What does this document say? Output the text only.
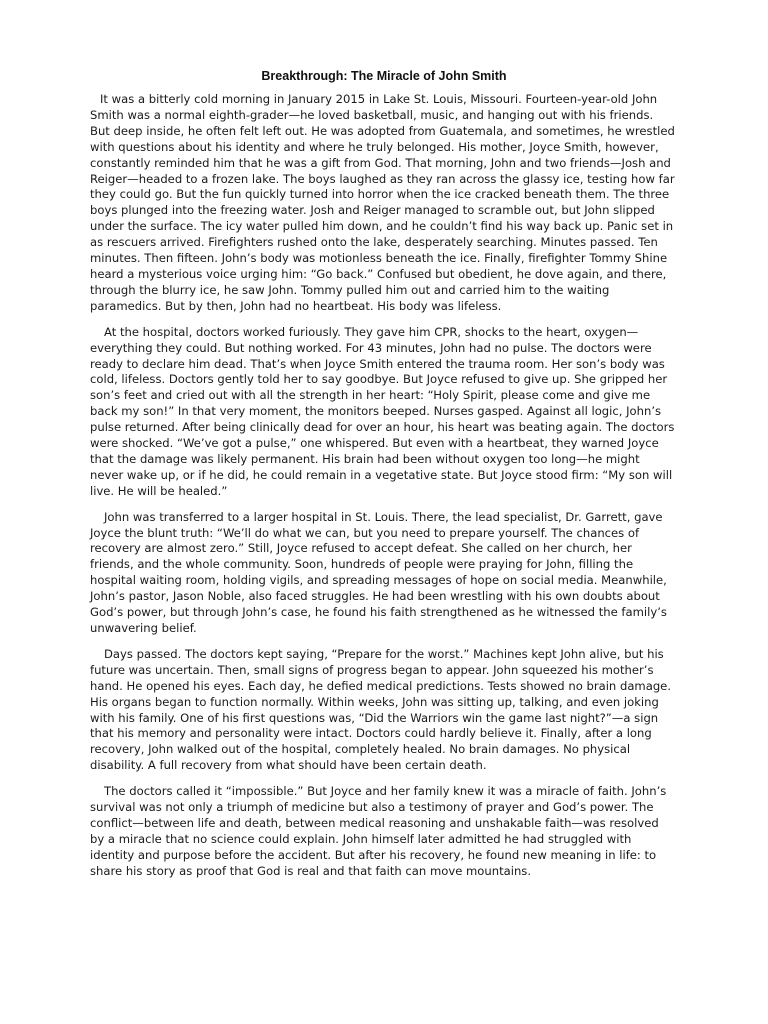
Breakthrough: The Miracle of John Smith

It was a bitterly cold morning in January 2015 in Lake St. Louis, Missouri. Fourteen-year-old John Smith was a normal eighth-grader—he loved basketball, music, and hanging out with his friends. But deep inside, he often felt left out. He was adopted from Guatemala, and sometimes, he wrestled with questions about his identity and where he truly belonged. His mother, Joyce Smith, however, constantly reminded him that he was a gift from God. That morning, John and two friends—Josh and Reiger—headed to a frozen lake. The boys laughed as they ran across the glassy ice, testing how far they could go. But the fun quickly turned into horror when the ice cracked beneath them. The three boys plunged into the freezing water. Josh and Reiger managed to scramble out, but John slipped under the surface. The icy water pulled him down, and he couldn’t find his way back up. Panic set in as rescuers arrived. Firefighters rushed onto the lake, desperately searching. Minutes passed. Ten minutes. Then fifteen. John’s body was motionless beneath the ice. Finally, firefighter Tommy Shine heard a mysterious voice urging him: “Go back.” Confused but obedient, he dove again, and there, through the blurry ice, he saw John. Tommy pulled him out and carried him to the waiting paramedics. But by then, John had no heartbeat. His body was lifeless.

At the hospital, doctors worked furiously. They gave him CPR, shocks to the heart, oxygen—everything they could. But nothing worked. For 43 minutes, John had no pulse. The doctors were ready to declare him dead. That’s when Joyce Smith entered the trauma room. Her son’s body was cold, lifeless. Doctors gently told her to say goodbye. But Joyce refused to give up. She gripped her son’s feet and cried out with all the strength in her heart: “Holy Spirit, please come and give me back my son!” In that very moment, the monitors beeped. Nurses gasped. Against all logic, John’s pulse returned. After being clinically dead for over an hour, his heart was beating again. The doctors were shocked. “We’ve got a pulse,” one whispered. But even with a heartbeat, they warned Joyce that the damage was likely permanent. His brain had been without oxygen too long—he might never wake up, or if he did, he could remain in a vegetative state. But Joyce stood firm: “My son will live. He will be healed.”

John was transferred to a larger hospital in St. Louis. There, the lead specialist, Dr. Garrett, gave Joyce the blunt truth: “We’ll do what we can, but you need to prepare yourself. The chances of recovery are almost zero.” Still, Joyce refused to accept defeat. She called on her church, her friends, and the whole community. Soon, hundreds of people were praying for John, filling the hospital waiting room, holding vigils, and spreading messages of hope on social media. Meanwhile, John’s pastor, Jason Noble, also faced struggles. He had been wrestling with his own doubts about God’s power, but through John’s case, he found his faith strengthened as he witnessed the family’s unwavering belief.

Days passed. The doctors kept saying, “Prepare for the worst.” Machines kept John alive, but his future was uncertain. Then, small signs of progress began to appear. John squeezed his mother’s hand. He opened his eyes. Each day, he defied medical predictions. Tests showed no brain damage. His organs began to function normally. Within weeks, John was sitting up, talking, and even joking with his family. One of his first questions was, “Did the Warriors win the game last night?”—a sign that his memory and personality were intact. Doctors could hardly believe it. Finally, after a long recovery, John walked out of the hospital, completely healed. No brain damages. No physical disability. A full recovery from what should have been certain death.

The doctors called it “impossible.” But Joyce and her family knew it was a miracle of faith. John’s survival was not only a triumph of medicine but also a testimony of prayer and God’s power. The conflict—between life and death, between medical reasoning and unshakable faith—was resolved by a miracle that no science could explain. John himself later admitted he had struggled with identity and purpose before the accident. But after his recovery, he found new meaning in life: to share his story as proof that God is real and that faith can move mountains.
